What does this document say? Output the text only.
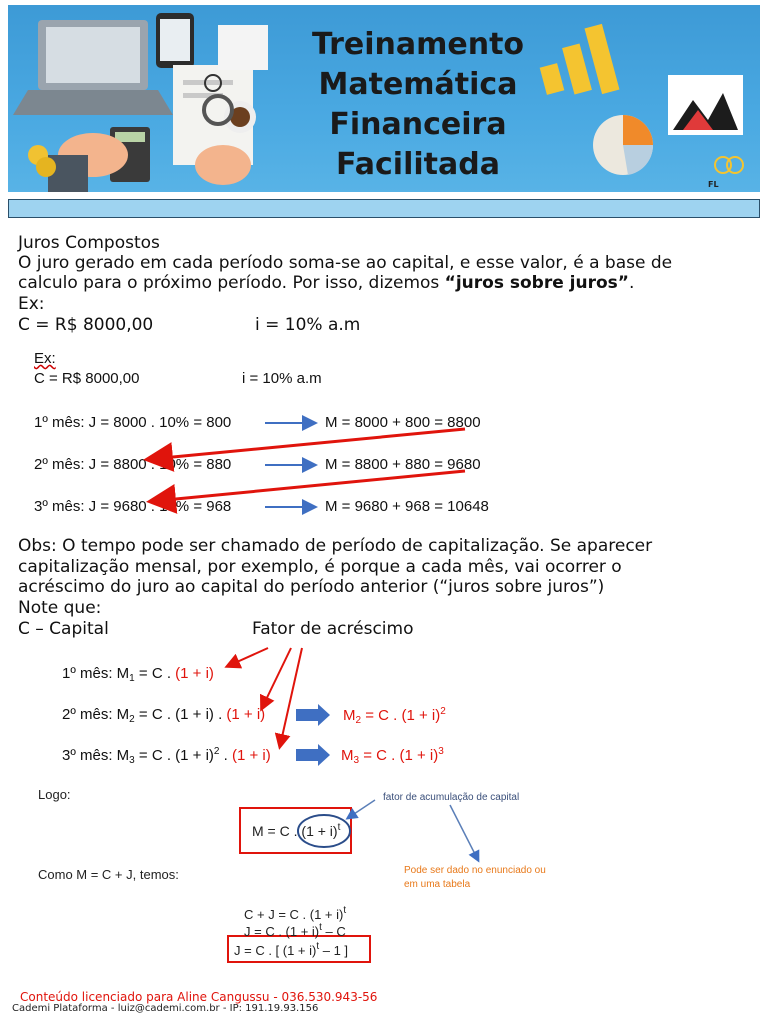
FL
Treinamento
Matemática
Financeira
Facilitada
Juros Compostos
O juro gerado em cada período soma-se ao capital, e esse valor, é a base de
calculo para o próximo período. Por isso, dizemos “juros sobre juros”.
Ex:
C = R$ 8000,00	i = 10% a.m
Ex:
C = R$ 8000,00	i = 10% a.m
1º mês: J = 8000 . 10% = 800	M = 8000 + 800 = 8800
2º mês: J = 8800 . 10% = 880	M = 8800 + 880 = 9680
3º mês: J = 9680 . 10% = 968	M = 9680 + 968 = 10648
Obs: O tempo pode ser chamado de período de capitalização. Se aparecer
capitalização mensal, por exemplo, é porque a cada mês, vai ocorrer o
acréscimo do juro ao capital do período anterior (“juros sobre juros”)
Note que:
C – Capital	Fator de acréscimo
1º mês: $M_1 = C$ . (1 + i)
2º mês: $M_2 = C$ . (1 + i) . (1 + i)	$M_2 = C$ . $(1 + i)^2$
3º mês: $M_3 = C$ . $(1 + i)^2$ . (1 + i)	$M_3 = C$ . $(1 + i)^3$
Logo:
M = C . $(1 + i)^t$
fator de acumulação de capital
Pode ser dado no enunciado ou
em uma tabela
Como M = C + J, temos:
C + J = C . $(1 + i)^t$
J = C . $(1 + i)^t - C$
J = C . [ $(1 + i)^t - 1$ ]
Conteúdo licenciado para Aline Cangussu - 036.530.943-56
Cademi Plataforma - luiz@cademi.com.br - IP: 191.19.93.156
